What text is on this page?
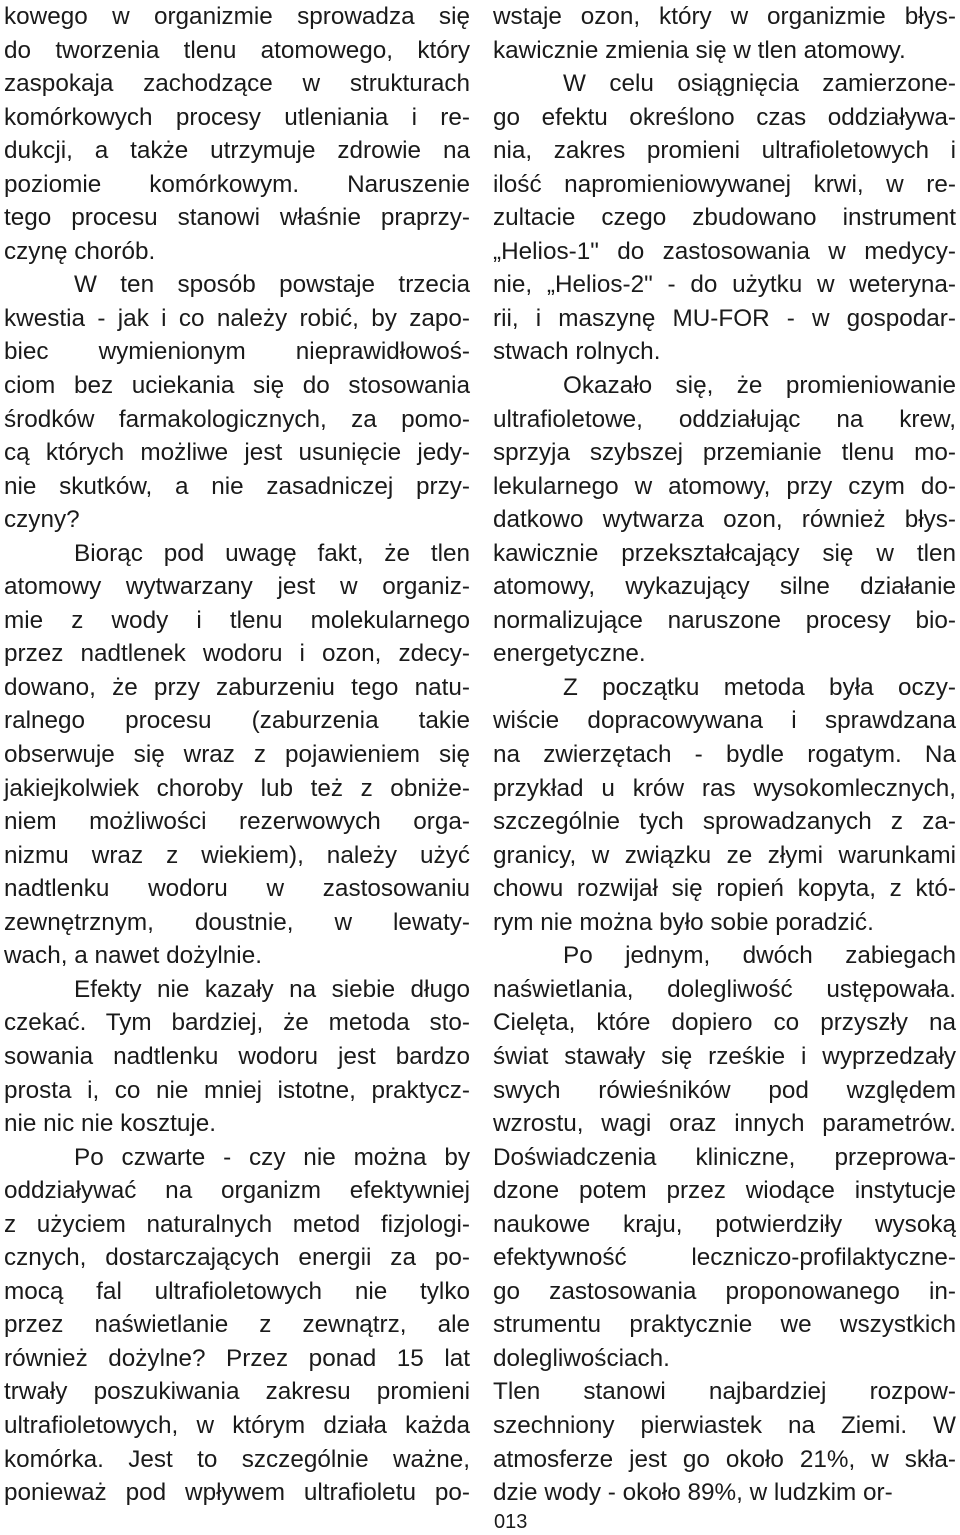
kowego w organizmie sprowadza się
do tworzenia tlenu atomowego, który
zaspokaja zachodzące w strukturach
komórkowych procesy utleniania i re-
dukcji, a także utrzymuje zdrowie na
poziomie komórkowym. Naruszenie
tego procesu stanowi właśnie praprzy-
czynę chorób.
W ten sposób powstaje trzecia
kwestia - jak i co należy robić, by zapo-
biec wymienionym nieprawidłowoś-
ciom bez uciekania się do stosowania
środków farmakologicznych, za pomo-
cą których możliwe jest usunięcie jedy-
nie skutków, a nie zasadniczej przy-
czyny?
Biorąc pod uwagę fakt, że tlen
atomowy wytwarzany jest w organiz-
mie z wody i tlenu molekularnego
przez nadtlenek wodoru i ozon, zdecy-
dowano, że przy zaburzeniu tego natu-
ralnego procesu (zaburzenia takie
obserwuje się wraz z pojawieniem się
jakiejkolwiek choroby lub też z obniże-
niem możliwości rezerwowych orga-
nizmu wraz z wiekiem), należy użyć
nadtlenku wodoru w zastosowaniu
zewnętrznym, doustnie, w lewaty-
wach, a nawet dożylnie.
Efekty nie kazały na siebie długo
czekać. Tym bardziej, że metoda sto-
sowania nadtlenku wodoru jest bardzo
prosta i, co nie mniej istotne, praktycz-
nie nic nie kosztuje.
Po czwarte - czy nie można by
oddziaływać na organizm efektywniej
z użyciem naturalnych metod fizjologi-
cznych, dostarczających energii za po-
mocą fal ultrafioletowych nie tylko
przez naświetlanie z zewnątrz, ale
również dożylne? Przez ponad 15 lat
trwały poszukiwania zakresu promieni
ultrafioletowych, w którym działa każda
komórka. Jest to szczególnie ważne,
ponieważ pod wpływem ultrafioletu po-
wstaje ozon, który w organizmie błys-
kawicznie zmienia się w tlen atomowy.
W celu osiągnięcia zamierzone-
go efektu określono czas oddziaływa-
nia, zakres promieni ultrafioletowych i
ilość napromieniowywanej krwi, w re-
zultacie czego zbudowano instrument
„Helios-1" do zastosowania w medycy-
nie, „Helios-2" - do użytku w weteryna-
rii, i maszynę MU-FOR - w gospodar-
stwach rolnych.
Okazało się, że promieniowanie
ultrafioletowe, oddziałując na krew,
sprzyja szybszej przemianie tlenu mo-
lekularnego w atomowy, przy czym do-
datkowo wytwarza ozon, również błys-
kawicznie przekształcający się w tlen
atomowy, wykazujący silne działanie
normalizujące naruszone procesy bio-
energetyczne.
Z początku metoda była oczy-
wiście dopracowywana i sprawdzana
na zwierzętach - bydle rogatym. Na
przykład u krów ras wysokomlecznych,
szczególnie tych sprowadzanych z za-
granicy, w związku ze złymi warunkami
chowu rozwijał się ropień kopyta, z któ-
rym nie można było sobie poradzić.
Po jednym, dwóch zabiegach
naświetlania, dolegliwość ustępowała.
Cielęta, które dopiero co przyszły na
świat stawały się rześkie i wyprzedzały
swych rówieśników pod względem
wzrostu, wagi oraz innych parametrów.
Doświadczenia kliniczne, przeprowa-
dzone potem przez wiodące instytucje
naukowe kraju, potwierdziły wysoką
efektywność leczniczo-profilaktyczne-
go zastosowania proponowanego in-
strumentu praktycznie we wszystkich
dolegliwościach.
Tlen stanowi najbardziej rozpow-
szechniony pierwiastek na Ziemi. W
atmosferze jest go około 21%, w skła-
dzie wody - około 89%, w ludzkim or-
013
